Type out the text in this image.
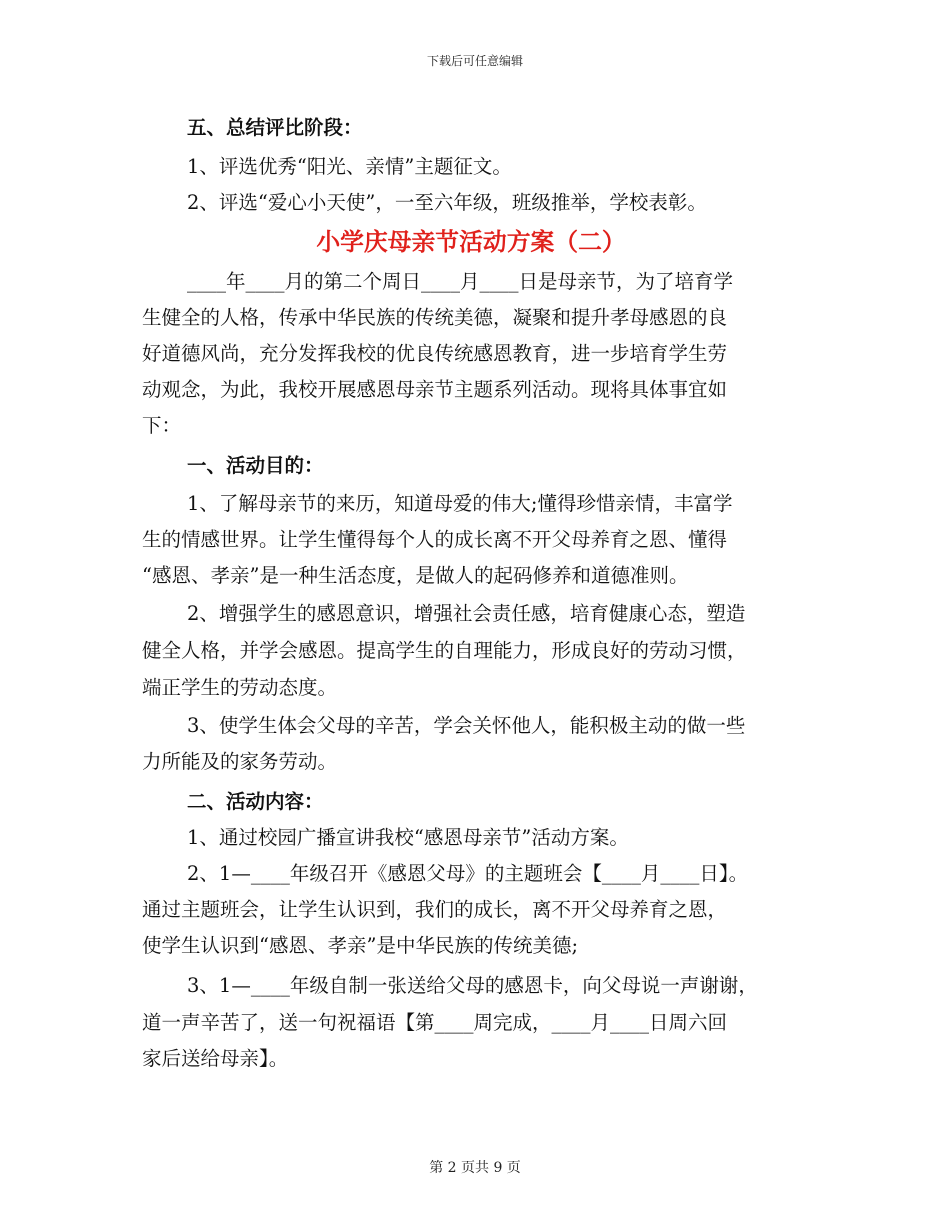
下载后可任意编辑
五、总结评比阶段：
1、评选优秀“阳光、亲情”主题征文。
2、评选“爱心小天使”，一至六年级，班级推举，学校表彰。
小学庆母亲节活动方案（二）
____年____月的第二个周日____月____日是母亲节，为了培育学
生健全的人格，传承中华民族的传统美德，凝聚和提升孝母感恩的良
好道德风尚，充分发挥我校的优良传统感恩教育，进一步培育学生劳
动观念，为此，我校开展感恩母亲节主题系列活动。现将具体事宜如
下：
一、活动目的：
1、了解母亲节的来历，知道母爱的伟大;懂得珍惜亲情，丰富学
生的情感世界。让学生懂得每个人的成长离不开父母养育之恩、懂得
“感恩、孝亲”是一种生活态度，是做人的起码修养和道德准则。
2、增强学生的感恩意识，增强社会责任感，培育健康心态，塑造
健全人格，并学会感恩。提高学生的自理能力，形成良好的劳动习惯，
端正学生的劳动态度。
3、使学生体会父母的辛苦，学会关怀他人，能积极主动的做一些
力所能及的家务劳动。
二、活动内容：
1、通过校园广播宣讲我校“感恩母亲节”活动方案。
2、1—____年级召开《感恩父母》的主题班会【____月____日】。
通过主题班会，让学生认识到，我们的成长，离不开父母养育之恩，
使学生认识到“感恩、孝亲”是中华民族的传统美德;
3、1—____年级自制一张送给父母的感恩卡，向父母说一声谢谢，
道一声辛苦了，送一句祝福语【第____周完成，____月____日周六回
家后送给母亲】。
第 2 页共 9 页
